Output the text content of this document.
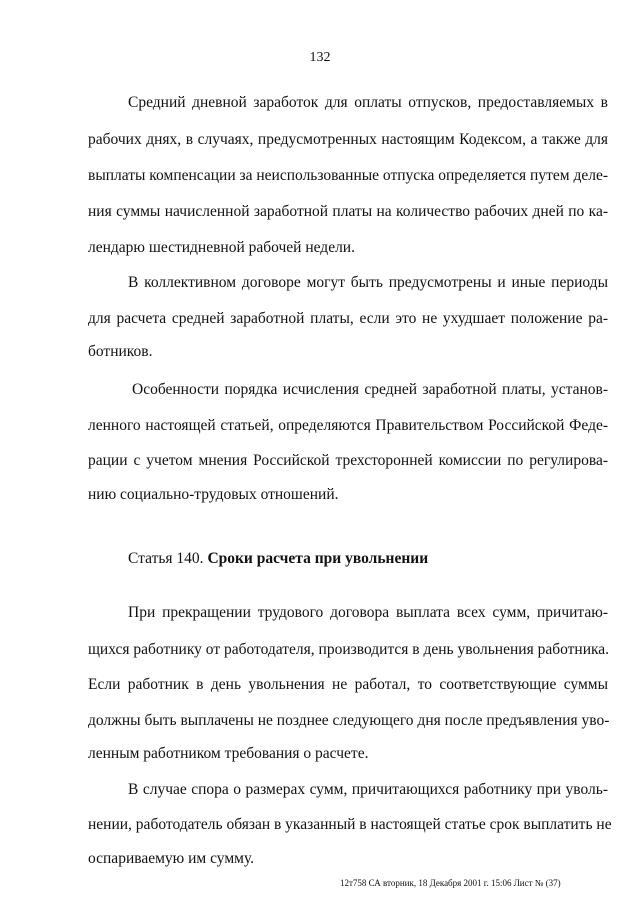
132
Средний дневной заработок для оплаты отпусков, предоставляемых в
рабочих днях, в случаях, предусмотренных настоящим Кодексом, а также для
выплаты компенсации за неиспользованные отпуска определяется путем деле-
ния суммы начисленной заработной платы на количество рабочих дней по ка-
лендарю шестидневной рабочей недели.
В коллективном договоре могут быть предусмотрены и иные периоды
для расчета средней заработной платы, если это не ухудшает положение ра-
ботников.
Особенности порядка исчисления средней заработной платы, установ-
ленного настоящей статьей, определяются Правительством Российской Феде-
рации с учетом мнения Российской трехсторонней комиссии по регулирова-
нию социально-трудовых отношений.
Статья 140. Сроки расчета при увольнении
При прекращении трудового договора выплата всех сумм, причитаю-
щихся работнику от работодателя, производится в день увольнения работника.
Если работник в день увольнения не работал, то соответствующие суммы
должны быть выплачены не позднее следующего дня после предъявления уво-
ленным работником требования о расчете.
В случае спора о размерах сумм, причитающихся работнику при уволь-
нении, работодатель обязан в указанный в настоящей статье срок выплатить не
оспариваемую им сумму.
12т758 СА вторник, 18 Декабря 2001 г. 15:06 Лист № (37)
